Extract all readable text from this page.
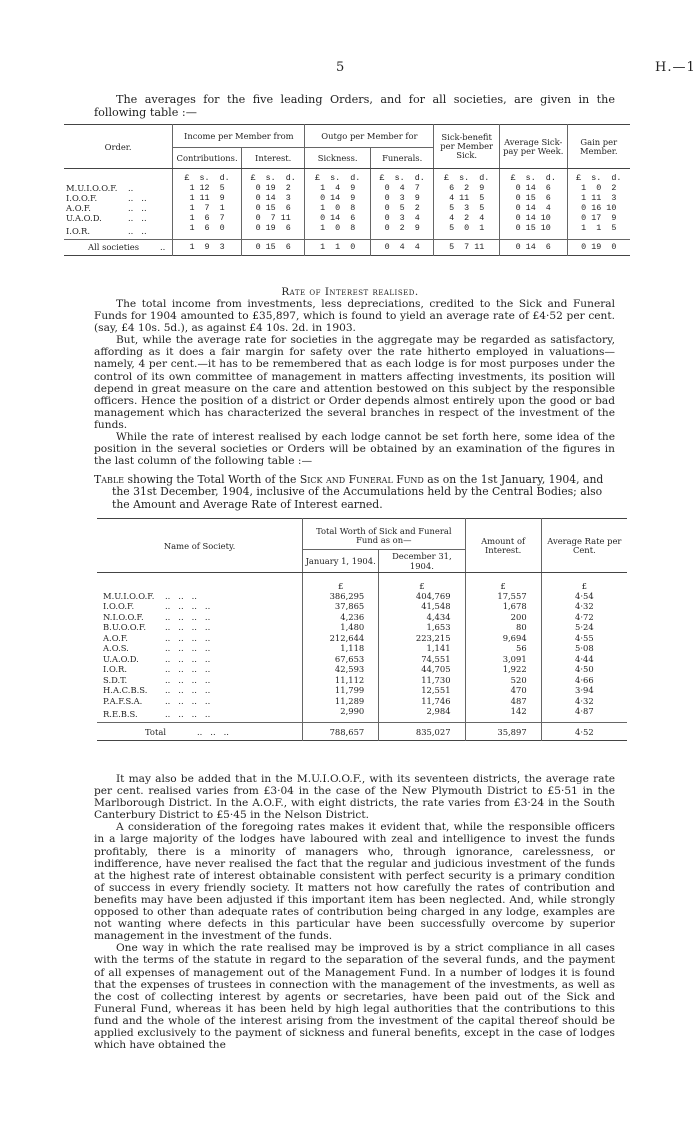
5	H.—1

The averages for the five leading Orders, and for all societies, are given in the following table :—

Order.	Income per Member from		Outgo per Member for		Sick-benefit per Member Sick.	Average Sick-pay per Week.	Gain per Member.
	Contributions.	Interest.	Sickness.	Funerals.			
	£  s.  d.	£  s.  d.	£  s.  d.	£  s.  d.	£  s.  d.	£  s.  d.	£  s.  d.
M.U.I.O.O.F. ..	1 12  5	0 19  2	1  4  9	0  4  7	6  2  9	0 14  6	1  0  2
I.O.O.F. ..   ..	1 11  9	0 14  3	0 14  9	0  3  9	4 11  5	0 15  6	1 11  3
A.O.F. ..   ..	1  7  1	0 15  6	1  0  8	0  5  2	5  3  5	0 14  4	0 16 10
U.A.O.D. ..   ..	1  6  7	0  7 11	0 14  6	0  3  4	4  2  4	0 14 10	0 17  9
I.O.R. ..   ..	1  6  0	0 19  6	1  0  8	0  2  9	5  0  1	0 15 10	1  1  5
All societies ..	1  9  3	0 15  6	1  1  0	0  4  4	5  7 11	0 14  6	0 19  0
Rate of Interest realised.

The total income from investments, less depreciations, credited to the Sick and Funeral Funds for 1904 amounted to £35,897, which is found to yield an average rate of £4·52 per cent. (say, £4 10s. 5d.), as against £4 10s. 2d. in 1903.

But, while the average rate for societies in the aggregate may be regarded as satisfactory, affording as it does a fair margin for safety over the rate hitherto employed in valuations—namely, 4 per cent.—it has to be remembered that as each lodge is for most purposes under the control of its own committee of management in matters affecting investments, its position will depend in great measure on the care and attention bestowed on this subject by the responsible officers. Hence the position of a district or Order depends almost entirely upon the good or bad management which has characterized the several branches in respect of the investment of the funds.

While the rate of interest realised by each lodge cannot be set forth here, some idea of the position in the several societies or Orders will be obtained by an examination of the figures in the last column of the following table :—

Table showing the Total Worth of the Sick and Funeral Fund as on the 1st January, 1904, and the 31st December, 1904, inclusive of the Accumulations held by the Central Bodies; also the Amount and Average Rate of Interest earned.
Name of Society.	Total Worth of Sick and Funeral Fund as on—		Amount of Interest.	Average Rate per Cent.
	January 1, 1904.	December 31, 1904.		
	£	£	£	£
M.U.I.O.O.F. ..   ..   ..	386,295	404,769	17,557	4·54
I.O.O.F. ..   ..   ..   ..	37,865	41,548	1,678	4·32
N.I.O.O.F. ..   ..   ..   ..	4,236	4,434	200	4·72
B.U.O.O.F. ..   ..   ..   ..	1,480	1,653	80	5·24
A.O.F. ..   ..   ..   ..	212,644	223,215	9,694	4·55
A.O.S. ..   ..   ..   ..	1,118	1,141	56	5·08
U.A.O.D. ..   ..   ..   ..	67,653	74,551	3,091	4·44
I.O.R. ..   ..   ..   ..	42,593	44,705	1,922	4·50
S.D.T. ..   ..   ..   ..	11,112	11,730	520	4·66
H.A.C.B.S. ..   ..   ..   ..	11,799	12,551	470	3·94
P.A.F.S.A. ..   ..   ..   ..	11,289	11,746	487	4·32
R.E.B.S. ..   ..   ..   ..	2,990	2,984	142	4·87
Total ..   ..   ..	788,657	835,027	35,897	4·52

It may also be added that in the M.U.I.O.O.F., with its seventeen districts, the average rate per cent. realised varies from £3·04 in the case of the New Plymouth District to £5·51 in the Marlborough District. In the A.O.F., with eight districts, the rate varies from £3·24 in the South Canterbury District to £5·45 in the Nelson District.

A consideration of the foregoing rates makes it evident that, while the responsible officers in a large majority of the lodges have laboured with zeal and intelligence to invest the funds profitably, there is a minority of managers who, through ignorance, carelessness, or indifference, have never realised the fact that the regular and judicious investment of the funds at the highest rate of interest obtainable consistent with perfect security is a primary condition of success in every friendly society. It matters not how carefully the rates of contribution and benefits may have been adjusted if this important item has been neglected. And, while strongly opposed to other than adequate rates of contribution being charged in any lodge, examples are not wanting where defects in this particular have been successfully overcome by superior management in the investment of the funds.

One way in which the rate realised may be improved is by a strict compliance in all cases with the terms of the statute in regard to the separation of the several funds, and the payment of all expenses of management out of the Management Fund. In a number of lodges it is found that the expenses of trustees in connection with the management of the investments, as well as the cost of collecting interest by agents or secretaries, have been paid out of the Sick and Funeral Fund, whereas it has been held by high legal authorities that the contributions to this fund and the whole of the interest arising from the investment of the capital thereof should be applied exclusively to the payment of sickness and funeral benefits, except in the case of lodges which have obtained the
